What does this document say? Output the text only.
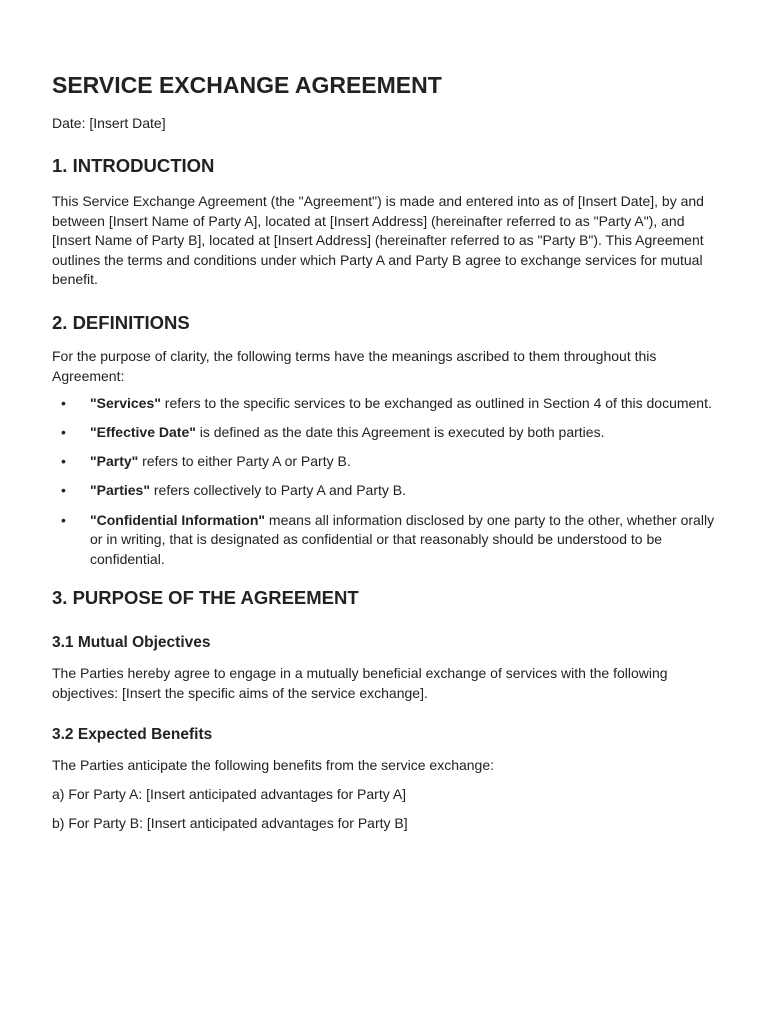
SERVICE EXCHANGE AGREEMENT

Date: [Insert Date]

1. INTRODUCTION

This Service Exchange Agreement (the "Agreement") is made and entered into as of [Insert Date], by and between [Insert Name of Party A], located at [Insert Address] (hereinafter referred to as "Party A"), and [Insert Name of Party B], located at [Insert Address] (hereinafter referred to as "Party B"). This Agreement outlines the terms and conditions under which Party A and Party B agree to exchange services for mutual benefit.

2. DEFINITIONS

For the purpose of clarity, the following terms have the meanings ascribed to them throughout this Agreement:

• "Services" refers to the specific services to be exchanged as outlined in Section 4 of this document.
• "Effective Date" is defined as the date this Agreement is executed by both parties.
• "Party" refers to either Party A or Party B.
• "Parties" refers collectively to Party A and Party B.
• "Confidential Information" means all information disclosed by one party to the other, whether orally or in writing, that is designated as confidential or that reasonably should be understood to be confidential.
3. PURPOSE OF THE AGREEMENT
3.1 Mutual Objectives

The Parties hereby agree to engage in a mutually beneficial exchange of services with the following objectives: [Insert the specific aims of the service exchange].

3.2 Expected Benefits

The Parties anticipate the following benefits from the service exchange:

a) For Party A: [Insert anticipated advantages for Party A]

b) For Party B: [Insert anticipated advantages for Party B]
